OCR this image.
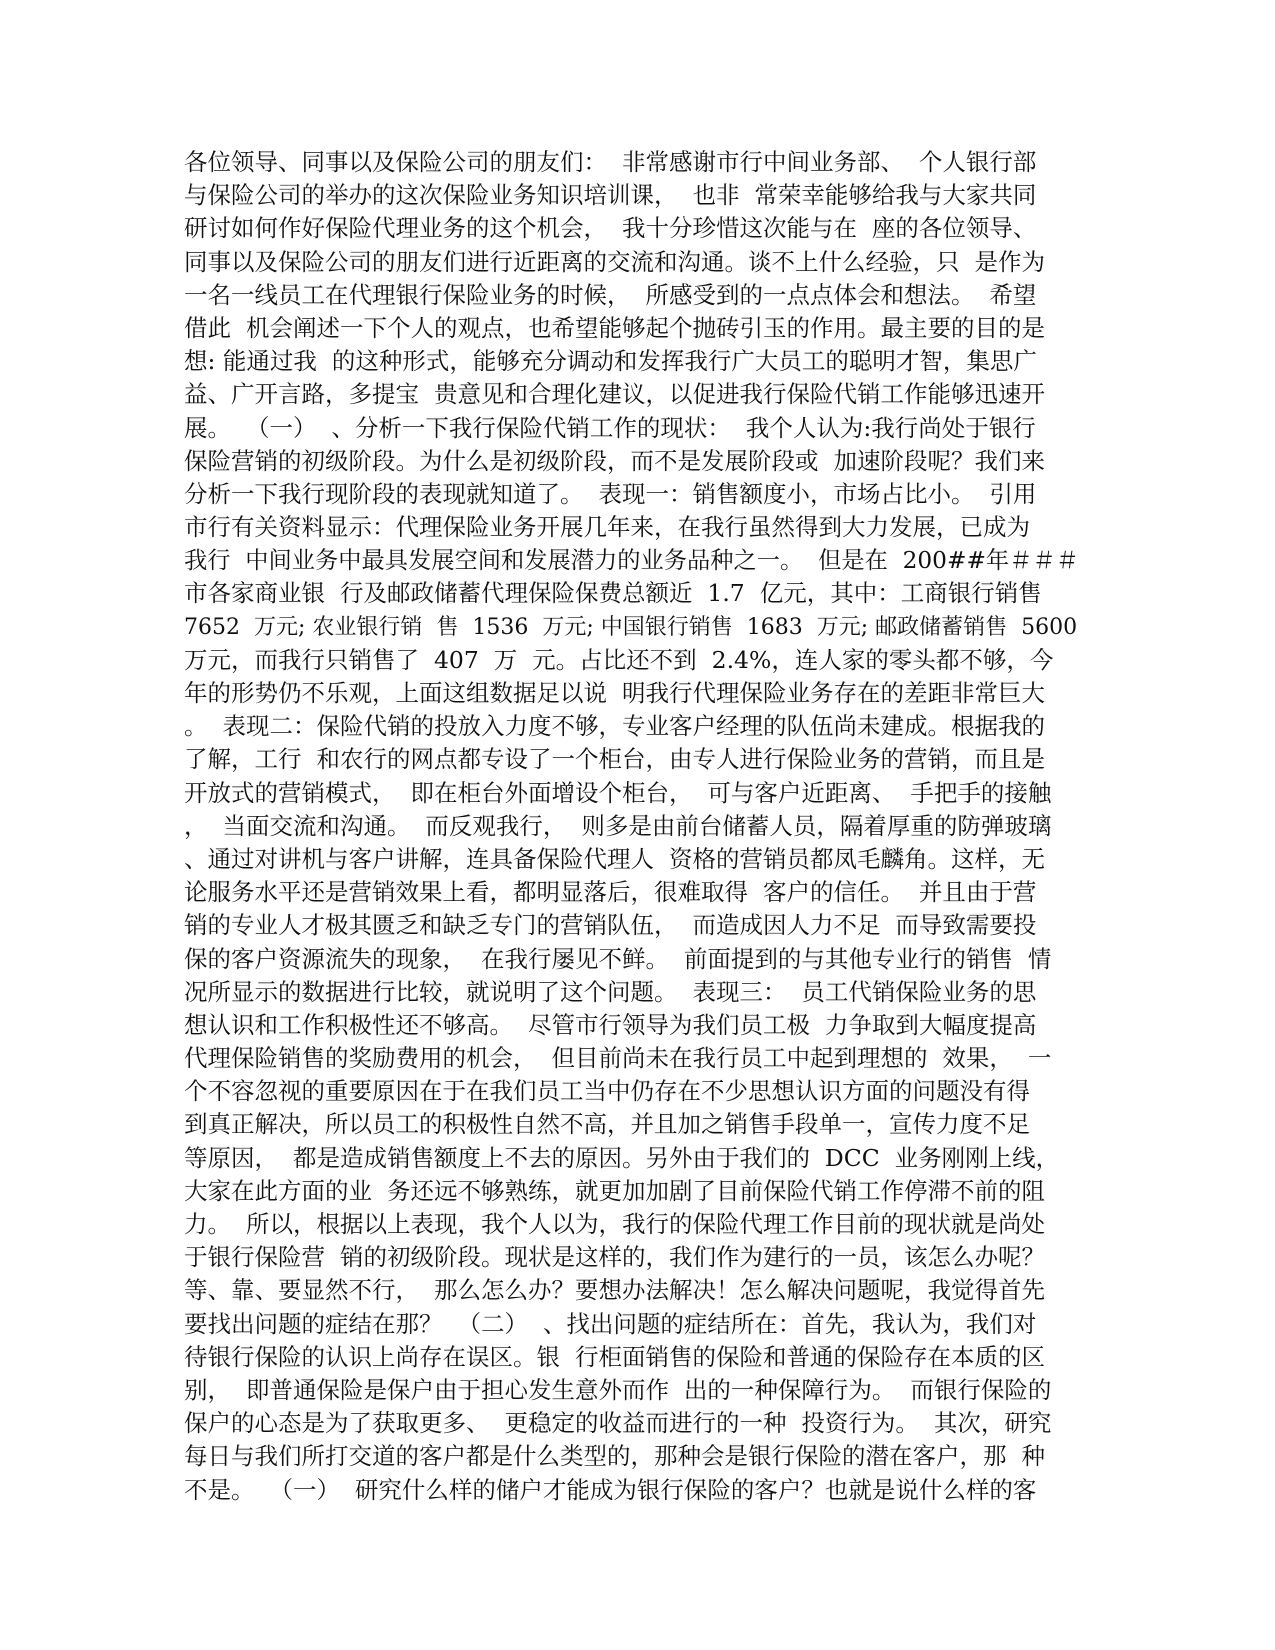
各位领导、同事以及保险公司的朋友们：  非常感谢市行中间业务部、  个人银行部
与保险公司的举办的这次保险业务知识培训课，  也非  常荣幸能够给我与大家共同
研讨如何作好保险代理业务的这个机会，  我十分珍惜这次能与在  座的各位领导、
同事以及保险公司的朋友们进行近距离的交流和沟通。谈不上什么经验，只  是作为
一名一线员工在代理银行保险业务的时候，  所感受到的一点点体会和想法。  希望
借此  机会阐述一下个人的观点，也希望能够起个抛砖引玉的作用。最主要的目的是
想: 能通过我  的这种形式，能够充分调动和发挥我行广大员工的聪明才智，集思广
益、广开言路，多提宝  贵意见和合理化建议，以促进我行保险代销工作能够迅速开
展。  （一）  、分析一下我行保险代销工作的现状：  我个人认为:我行尚处于银行
保险营销的初级阶段。为什么是初级阶段，而不是发展阶段或  加速阶段呢？我们来
分析一下我行现阶段的表现就知道了。  表现一：销售额度小，市场占比小。  引用
市行有关资料显示：代理保险业务开展几年来，在我行虽然得到大力发展，已成为
我行  中间业务中最具发展空间和发展潜力的业务品种之一。  但是在  200##年＃＃＃
市各家商业银  行及邮政储蓄代理保险保费总额近  1.7  亿元，其中：工商银行销售
7652  万元; 农业银行销  售  1536  万元; 中国银行销售  1683  万元; 邮政储蓄销售  5600
万元，而我行只销售了  407  万  元。占比还不到  2.4%，连人家的零头都不够，今
年的形势仍不乐观，上面这组数据足以说  明我行代理保险业务存在的差距非常巨大
。  表现二：保险代销的投放入力度不够，专业客户经理的队伍尚未建成。根据我的
了解，工行  和农行的网点都专设了一个柜台，由专人进行保险业务的营销，而且是
开放式的营销模式，  即在柜台外面增设个柜台，  可与客户近距离、  手把手的接触
，  当面交流和沟通。  而反观我行，  则多是由前台储蓄人员，隔着厚重的防弹玻璃
、通过对讲机与客户讲解，连具备保险代理人  资格的营销员都凤毛麟角。这样，无
论服务水平还是营销效果上看，都明显落后，很难取得  客户的信任。  并且由于营
销的专业人才极其匮乏和缺乏专门的营销队伍，  而造成因人力不足  而导致需要投
保的客户资源流失的现象，  在我行屡见不鲜。  前面提到的与其他专业行的销售  情
况所显示的数据进行比较，就说明了这个问题。  表现三：  员工代销保险业务的思
想认识和工作积极性还不够高。  尽管市行领导为我们员工极  力争取到大幅度提高
代理保险销售的奖励费用的机会，  但目前尚未在我行员工中起到理想的  效果，  一
个不容忽视的重要原因在于在我们员工当中仍存在不少思想认识方面的问题没有得
到真正解决，所以员工的积极性自然不高，并且加之销售手段单一，宣传力度不足
等原因，  都是造成销售额度上不去的原因。另外由于我们的  DCC  业务刚刚上线，
大家在此方面的业  务还远不够熟练，就更加加剧了目前保险代销工作停滞不前的阻
力。  所以，根据以上表现，我个人以为，我行的保险代理工作目前的现状就是尚处
于银行保险营  销的初级阶段。现状是这样的，我们作为建行的一员，该怎么办呢？
等、靠、要显然不行，  那么怎么办？要想办法解决！怎么解决问题呢，我觉得首先
要找出问题的症结在那？  （二）  、找出问题的症结所在：首先，我认为，我们对
待银行保险的认识上尚存在误区。银  行柜面销售的保险和普通的保险存在本质的区
别，  即普通保险是保户由于担心发生意外而作  出的一种保障行为。  而银行保险的
保户的心态是为了获取更多、  更稳定的收益而进行的一种  投资行为。  其次，研究
每日与我们所打交道的客户都是什么类型的，那种会是银行保险的潜在客户，那  种
不是。  （一）  研究什么样的储户才能成为银行保险的客户？也就是说什么样的客
